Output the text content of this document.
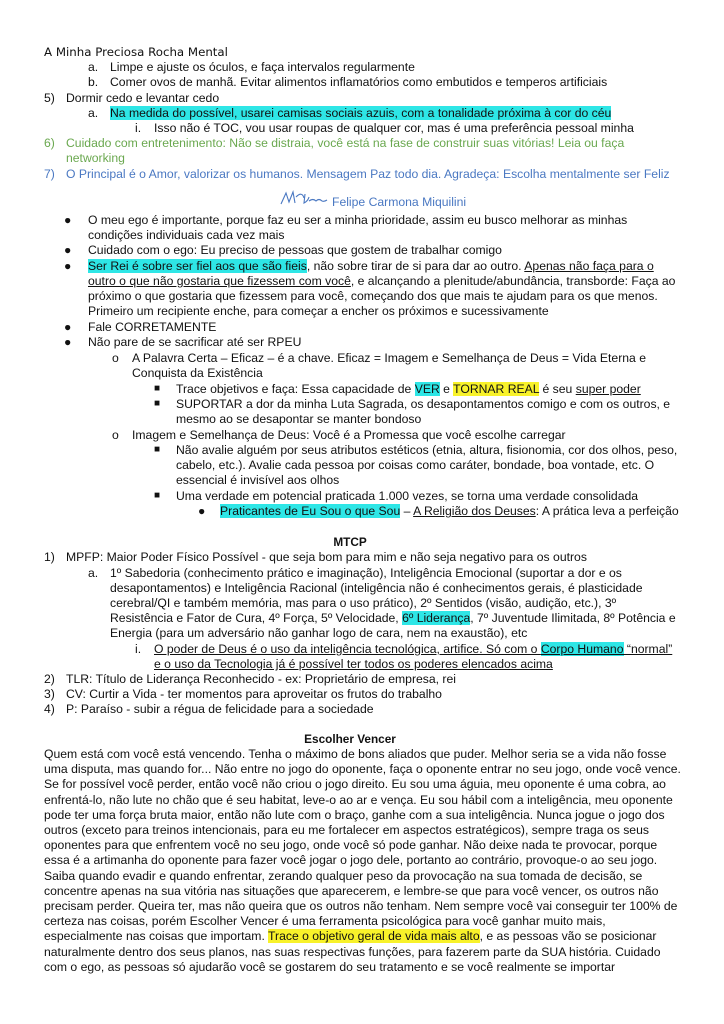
A Minha Preciosa Rocha Mental
a. Limpe e ajuste os óculos, e faça intervalos regularmente
b. Comer ovos de manhã. Evitar alimentos inflamatórios como embutidos e temperos artificiais
5) Dormir cedo e levantar cedo
a. Na medida do possível, usarei camisas sociais azuis, com a tonalidade próxima à cor do céu
i. Isso não é TOC, vou usar roupas de qualquer cor, mas é uma preferência pessoal minha
6) Cuidado com entretenimento: Não se distraia, você está na fase de construir suas vitórias! Leia ou faça
networking
7) O Principal é o Amor, valorizar os humanos. Mensagem Paz todo dia. Agradeça: Escolha mentalmente ser Feliz
Felipe Carmona Miquilini
● O meu ego é importante, porque faz eu ser a minha prioridade, assim eu busco melhorar as minhas
condições individuais cada vez mais
● Cuidado com o ego: Eu preciso de pessoas que gostem de trabalhar comigo
● Ser Rei é sobre ser fiel aos que são fieis, não sobre tirar de si para dar ao outro. Apenas não faça para o
outro o que não gostaria que fizessem com você, e alcançando a plenitude/abundância, transborde: Faça ao
próximo o que gostaria que fizessem para você, começando dos que mais te ajudam para os que menos.
Primeiro um recipiente enche, para começar a encher os próximos e sucessivamente
● Fale CORRETAMENTE
● Não pare de se sacrificar até ser RPEU
o A Palavra Certa – Eficaz – é a chave. Eficaz = Imagem e Semelhança de Deus = Vida Eterna e
Conquista da Existência
■ Trace objetivos e faça: Essa capacidade de VER e TORNAR REAL é seu super poder
■ SUPORTAR a dor da minha Luta Sagrada, os desapontamentos comigo e com os outros, e
mesmo ao se desapontar se manter bondoso
o Imagem e Semelhança de Deus: Você é a Promessa que você escolhe carregar
■ Não avalie alguém por seus atributos estéticos (etnia, altura, fisionomia, cor dos olhos, peso,
cabelo, etc.). Avalie cada pessoa por coisas como caráter, bondade, boa vontade, etc. O
essencial é invisível aos olhos
■ Uma verdade em potencial praticada 1.000 vezes, se torna uma verdade consolidada
● Praticantes de Eu Sou o que Sou – A Religião dos Deuses: A prática leva a perfeição
MTCP
1) MPFP: Maior Poder Físico Possível - que seja bom para mim e não seja negativo para os outros
a. 1º Sabedoria (conhecimento prático e imaginação), Inteligência Emocional (suportar a dor e os
desapontamentos) e Inteligência Racional (inteligência não é conhecimentos gerais, é plasticidade
cerebral/QI e também memória, mas para o uso prático), 2º Sentidos (visão, audição, etc.), 3º
Resistência e Fator de Cura, 4º Força, 5º Velocidade, 6º Liderança, 7º Juventude Ilimitada, 8º Potência e
Energia (para um adversário não ganhar logo de cara, nem na exaustão), etc
i. O poder de Deus é o uso da inteligência tecnológica, artifice. Só com o Corpo Humano “normal”
e o uso da Tecnologia já é possível ter todos os poderes elencados acima
2) TLR: Título de Liderança Reconhecido - ex: Proprietário de empresa, rei
3) CV: Curtir a Vida - ter momentos para aproveitar os frutos do trabalho
4) P: Paraíso - subir a régua de felicidade para a sociedade
Escolher Vencer
Quem está com você está vencendo. Tenha o máximo de bons aliados que puder. Melhor seria se a vida não fosse
uma disputa, mas quando for... Não entre no jogo do oponente, faça o oponente entrar no seu jogo, onde você vence.
Se for possível você perder, então você não criou o jogo direito. Eu sou uma águia, meu oponente é uma cobra, ao
enfrentá-lo, não lute no chão que é seu habitat, leve-o ao ar e vença. Eu sou hábil com a inteligência, meu oponente
pode ter uma força bruta maior, então não lute com o braço, ganhe com a sua inteligência. Nunca jogue o jogo dos
outros (exceto para treinos intencionais, para eu me fortalecer em aspectos estratégicos), sempre traga os seus
oponentes para que enfrentem você no seu jogo, onde você só pode ganhar. Não deixe nada te provocar, porque
essa é a artimanha do oponente para fazer você jogar o jogo dele, portanto ao contrário, provoque-o ao seu jogo.
Saiba quando evadir e quando enfrentar, zerando qualquer peso da provocação na sua tomada de decisão, se
concentre apenas na sua vitória nas situações que aparecerem, e lembre-se que para você vencer, os outros não
precisam perder. Queira ter, mas não queira que os outros não tenham. Nem sempre você vai conseguir ter 100% de
certeza nas coisas, porém Escolher Vencer é uma ferramenta psicológica para você ganhar muito mais,
especialmente nas coisas que importam. Trace o objetivo geral de vida mais alto, e as pessoas vão se posicionar
naturalmente dentro dos seus planos, nas suas respectivas funções, para fazerem parte da SUA história. Cuidado
com o ego, as pessoas só ajudarão você se gostarem do seu tratamento e se você realmente se importar
